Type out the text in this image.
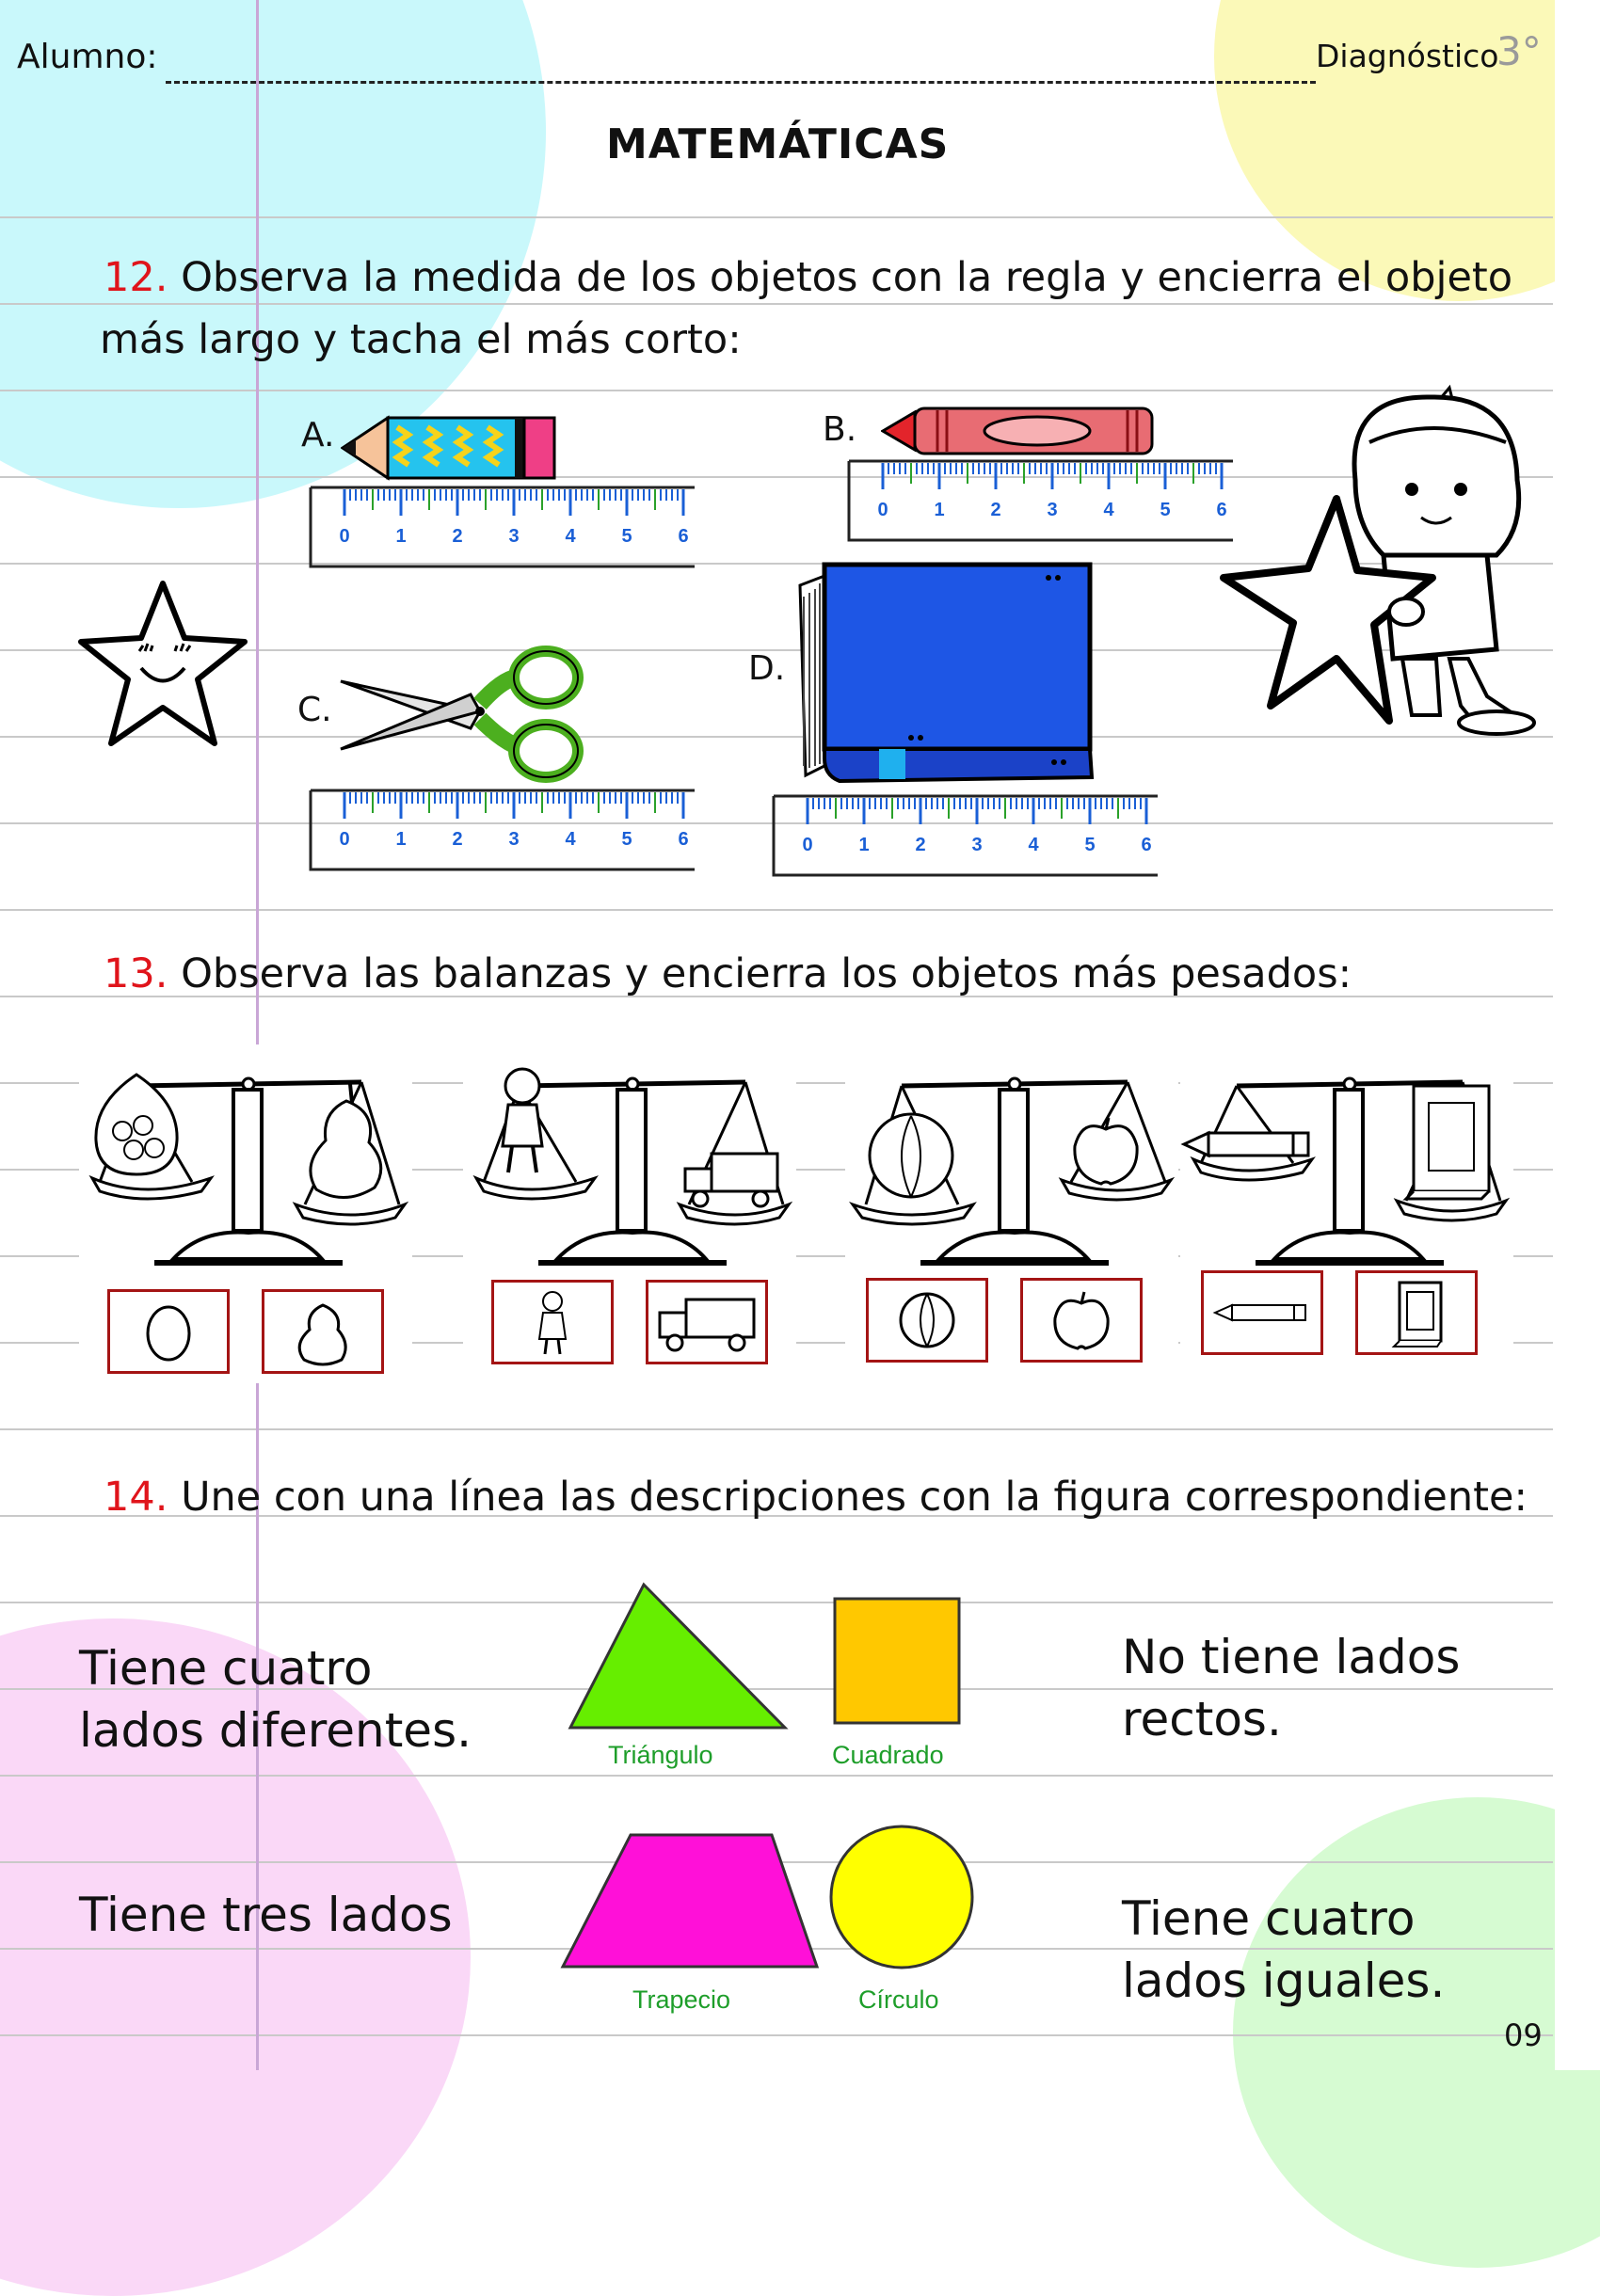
Alumno:	Diagnóstico
3°
MATEMÁTICAS
12. Observa la medida de los objetos con la regla y encierra el objeto
más largo y tacha el más corto:
A.	B.
C.
D.
0 1 2 3 4 5 6
0 1 2 3 4 5 6
0 1 2 3 4 5 6	0 1 2 3 4 5 6
13. Observa las balanzas y encierra los objetos más pesados:
14. Une con una línea las descripciones con la figura correspondiente:
Tiene cuatro
lados diferentes.
Tiene tres lados
No tiene lados
rectos.
Tiene cuatro
lados iguales.
Triángulo	Cuadrado
Trapecio	Círculo
09
